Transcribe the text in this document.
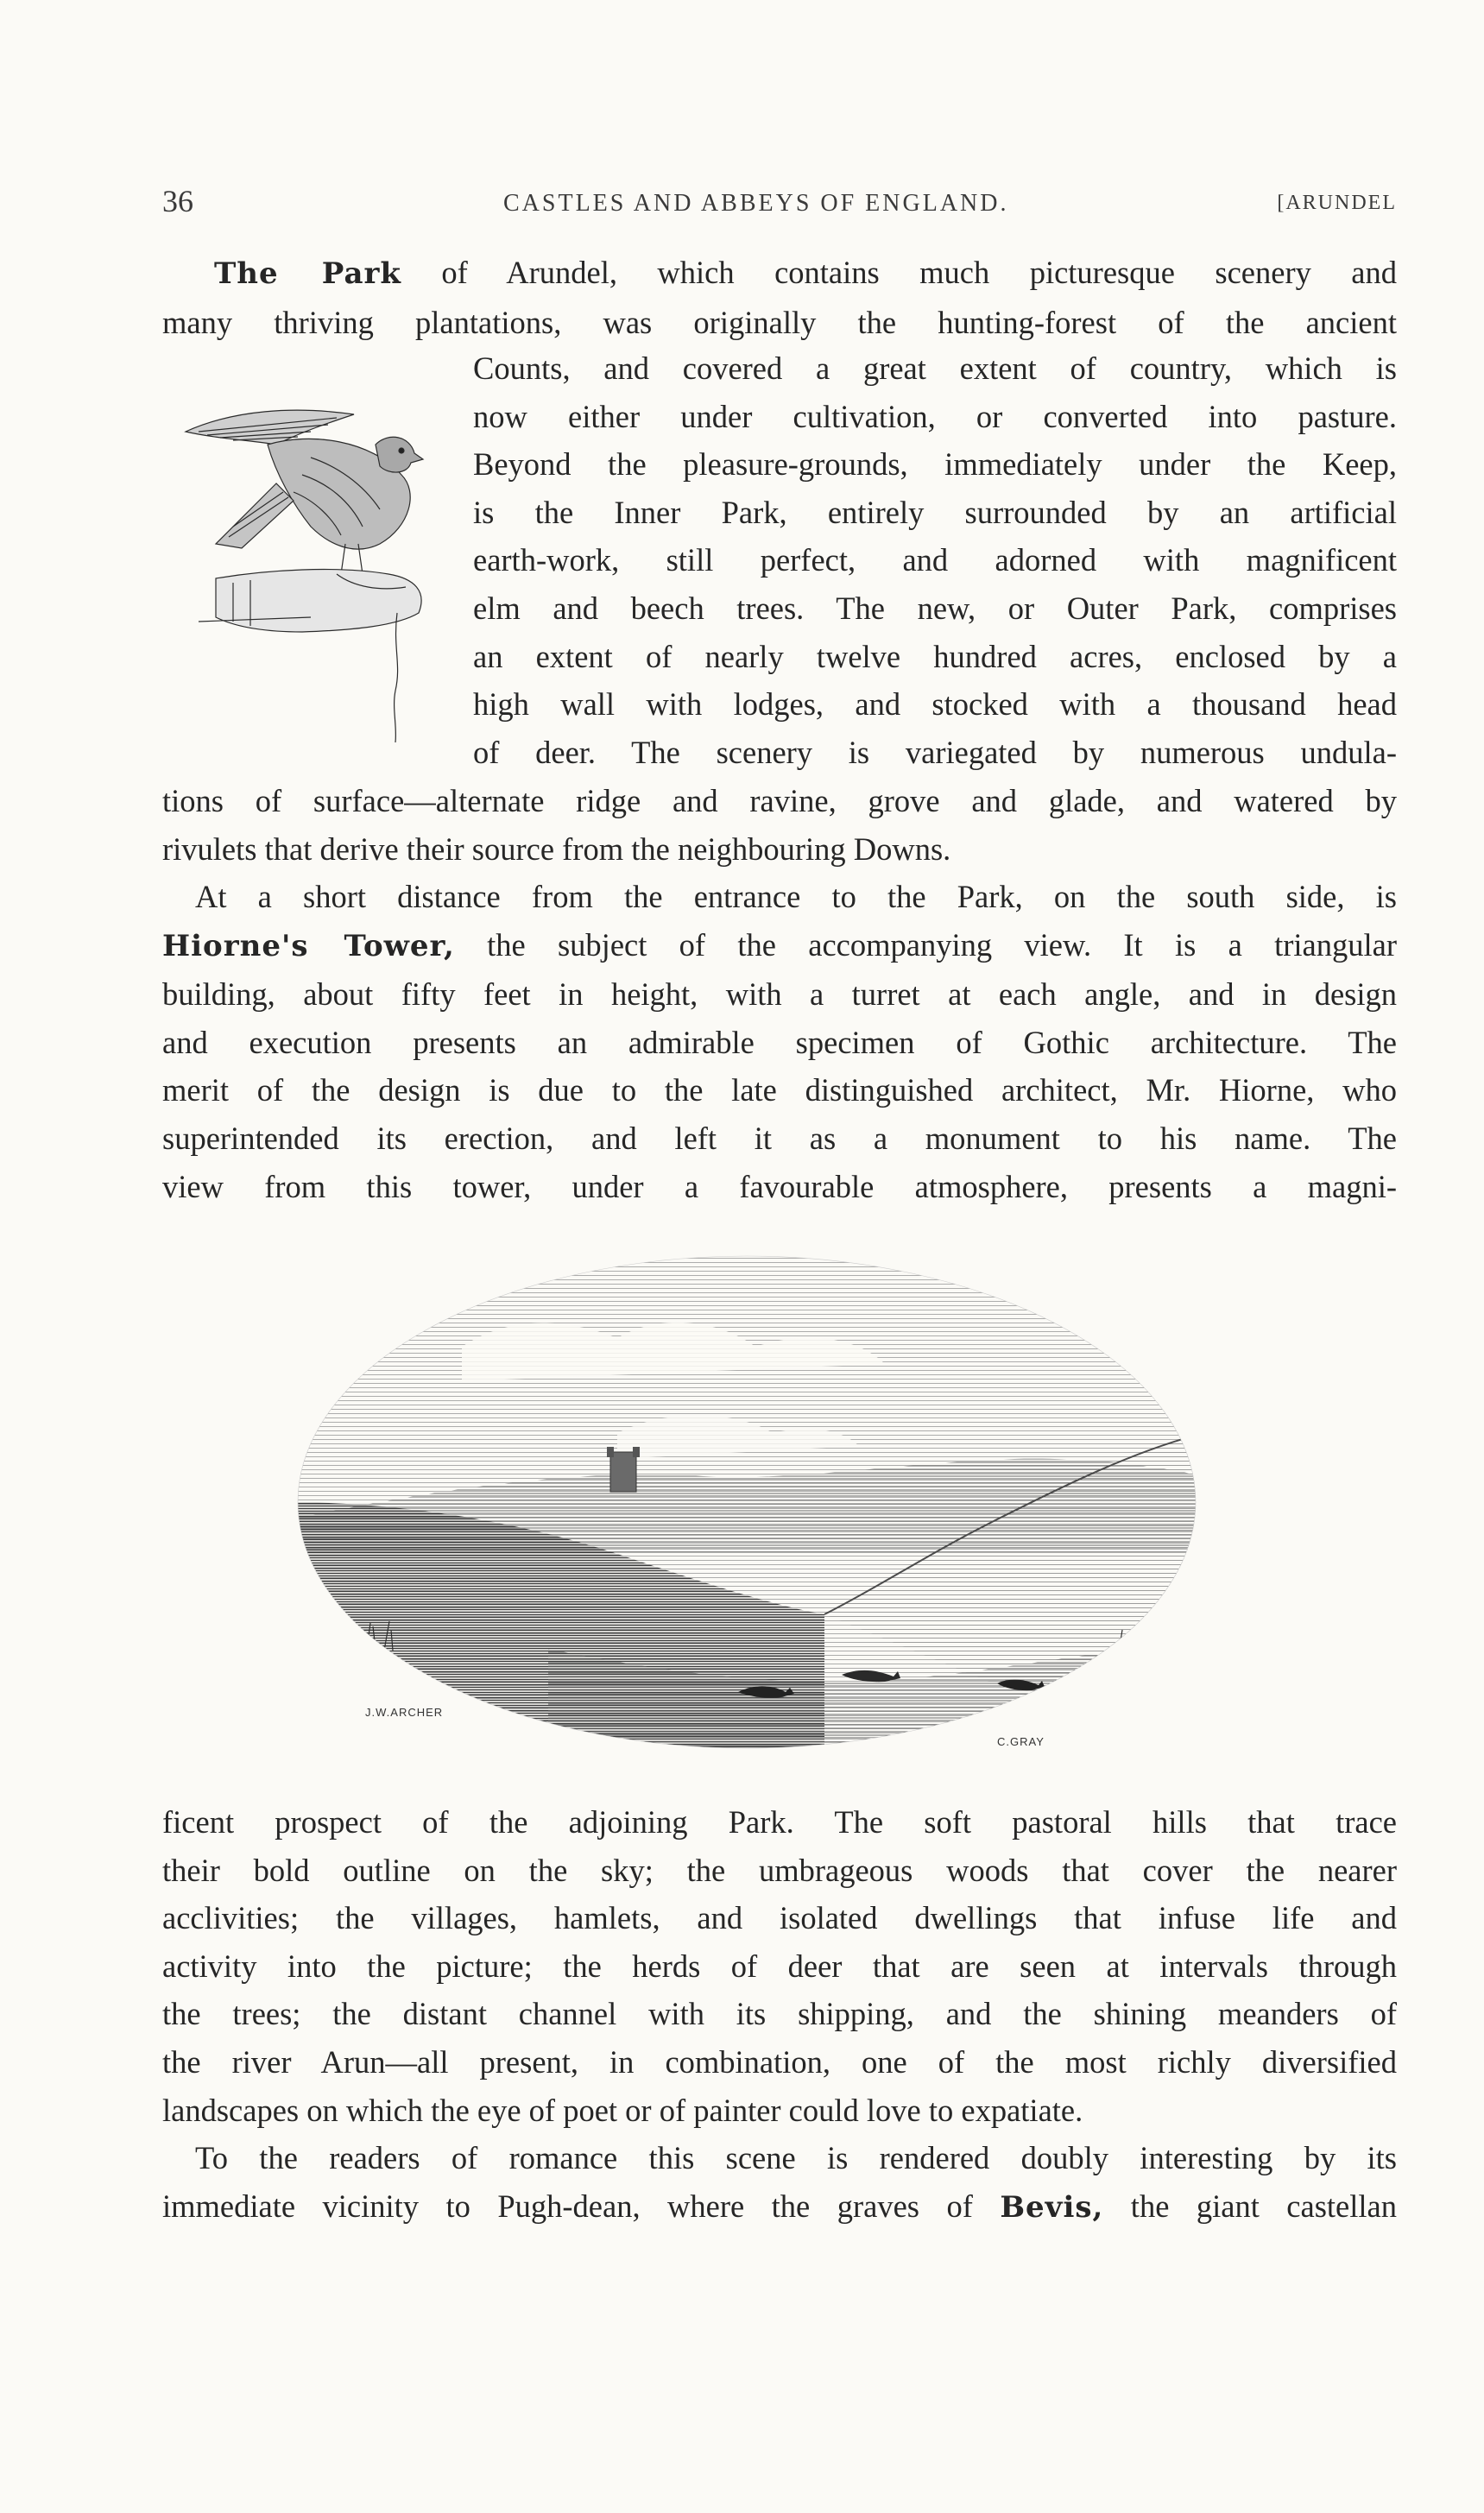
36	CASTLES AND ABBEYS OF ENGLAND.	[ARUNDEL
The Park of Arundel, which contains much picturesque scenery and
many thriving plantations, was originally the hunting-forest of the ancient
Counts, and covered a great extent of country, which is
now either under cultivation, or converted into pasture.
Beyond the pleasure-grounds, immediately under the Keep,
is the Inner Park, entirely surrounded by an artificial
earth-work, still perfect, and adorned with magnificent
elm and beech trees. The new, or Outer Park, comprises
an extent of nearly twelve hundred acres, enclosed by a
high wall with lodges, and stocked with a thousand head
of deer. The scenery is variegated by numerous undula-
tions of surface—alternate ridge and ravine, grove and glade, and watered by
rivulets that derive their source from the neighbouring Downs.
At a short distance from the entrance to the Park, on the south side, is
Hiorne's Tower, the subject of the accompanying view. It is a triangular
building, about fifty feet in height, with a turret at each angle, and in design
and execution presents an admirable specimen of Gothic architecture. The
merit of the design is due to the late distinguished architect, Mr. Hiorne, who
superintended its erection, and left it as a monument to his name. The
view from this tower, under a favourable atmosphere, presents a magni-
J.W.ARCHER
C.GRAY
ficent prospect of the adjoining Park. The soft pastoral hills that trace
their bold outline on the sky; the umbrageous woods that cover the nearer
acclivities; the villages, hamlets, and isolated dwellings that infuse life and
activity into the picture; the herds of deer that are seen at intervals through
the trees; the distant channel with its shipping, and the shining meanders of
the river Arun—all present, in combination, one of the most richly diversified
landscapes on which the eye of poet or of painter could love to expatiate.
To the readers of romance this scene is rendered doubly interesting by its
immediate vicinity to Pugh-dean, where the graves of Bevis, the giant castellan
